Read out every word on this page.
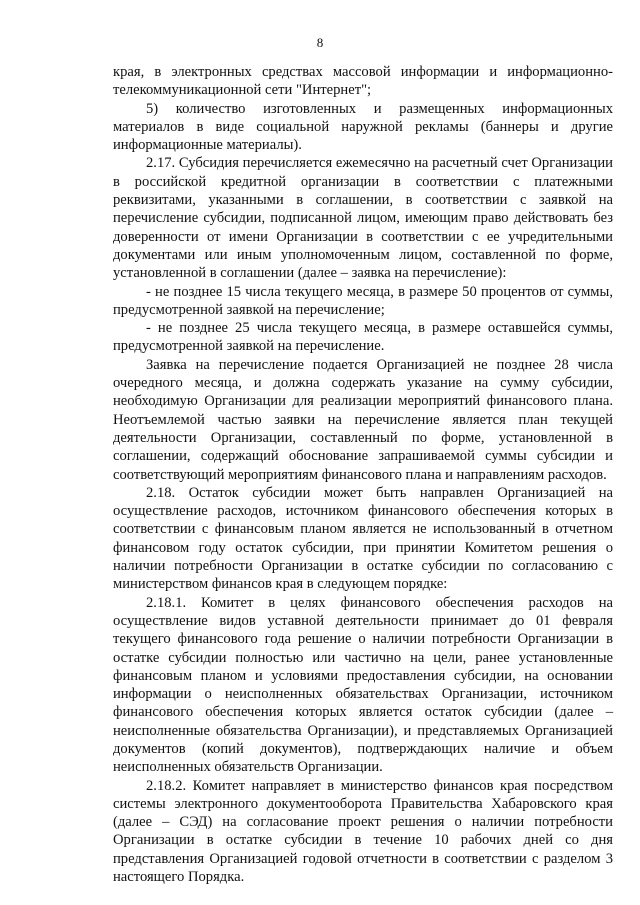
8

края, в электронных средствах массовой информации и информационно-телекоммуникационной сети "Интернет";

5) количество изготовленных и размещенных информационных материалов в виде социальной наружной рекламы (баннеры и другие информационные материалы).

2.17. Субсидия перечисляется ежемесячно на расчетный счет Организации в российской кредитной организации в соответствии с платежными реквизитами, указанными в соглашении, в соответствии с заявкой на перечисление субсидии, подписанной лицом, имеющим право действовать без доверенности от имени Организации в соответствии с ее учредительными документами или иным уполномоченным лицом, составленной по форме, установленной в соглашении (далее – заявка на перечисление):

- не позднее 15 числа текущего месяца, в размере 50 процентов от суммы, предусмотренной заявкой на перечисление;

- не позднее 25 числа текущего месяца, в размере оставшейся суммы, предусмотренной заявкой на перечисление.

Заявка на перечисление подается Организацией не позднее 28 числа очередного месяца, и должна содержать указание на сумму субсидии, необходимую Организации для реализации мероприятий финансового плана. Неотъемлемой частью заявки на перечисление является план текущей деятельности Организации, составленный по форме, установленной в соглашении, содержащий обоснование запрашиваемой суммы субсидии и соответствующий мероприятиям финансового плана и направлениям расходов.

2.18. Остаток субсидии может быть направлен Организацией на осуществление расходов, источником финансового обеспечения которых в соответствии с финансовым планом является не использованный в отчетном финансовом году остаток субсидии, при принятии Комитетом решения о наличии потребности Организации в остатке субсидии по согласованию с министерством финансов края в следующем порядке:

2.18.1. Комитет в целях финансового обеспечения расходов на осуществление видов уставной деятельности принимает до 01 февраля текущего финансового года решение о наличии потребности Организации в остатке субсидии полностью или частично на цели, ранее установленные финансовым планом и условиями предоставления субсидии, на основании информации о неисполненных обязательствах Организации, источником финансового обеспечения которых является остаток субсидии (далее – неисполненные обязательства Организации), и представляемых Организацией документов (копий документов), подтверждающих наличие и объем неисполненных обязательств Организации.

2.18.2. Комитет направляет в министерство финансов края посредством системы электронного документооборота Правительства Хабаровского края (далее – СЭД) на согласование проект решения о наличии потребности Организации в остатке субсидии в течение 10 рабочих дней со дня представления Организацией годовой отчетности в соответствии с разделом 3 настоящего Порядка.
